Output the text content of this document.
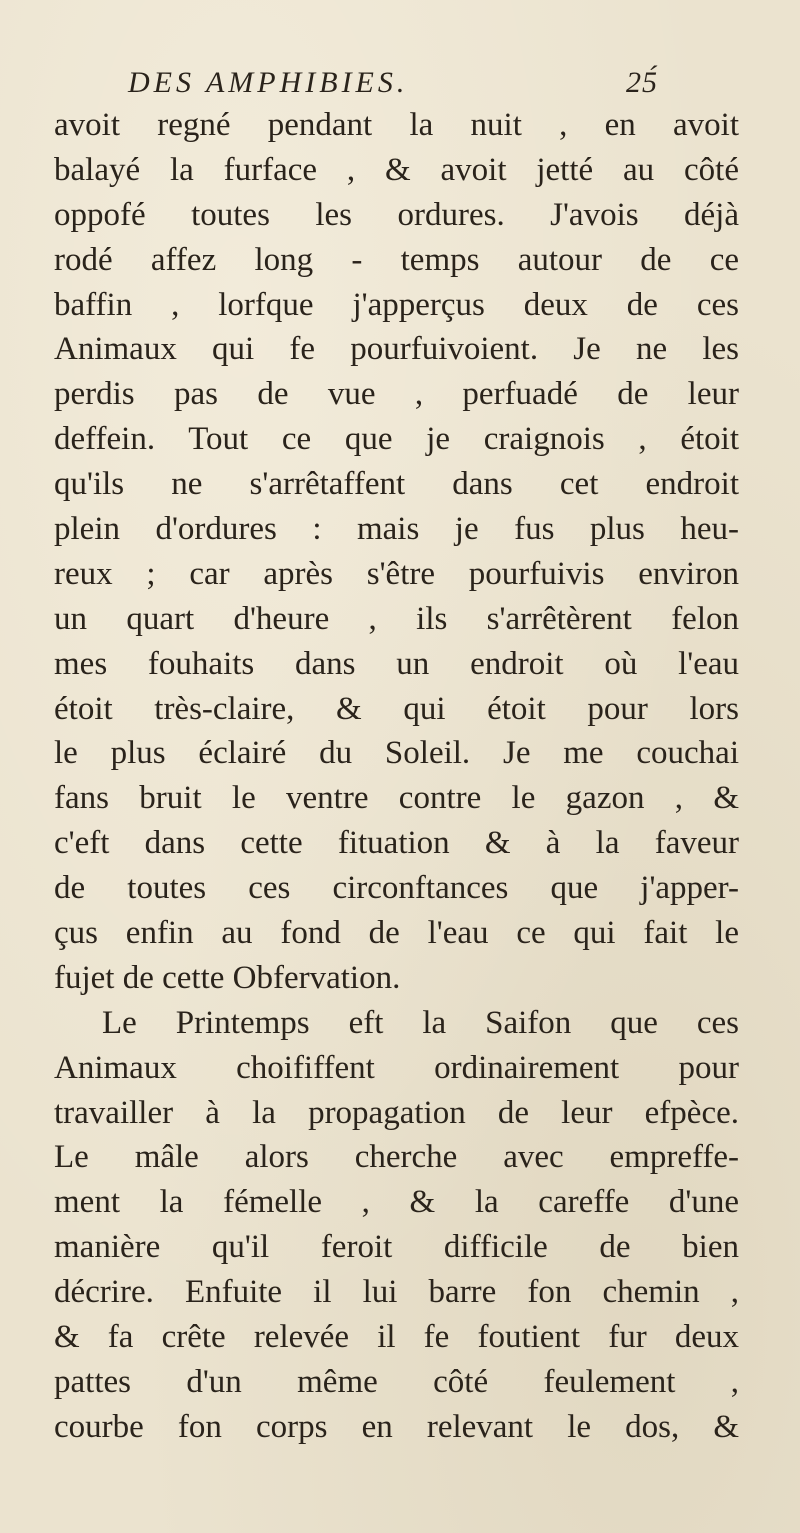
DES AMPHIBIES.	25́
avoit regné pendant la nuit , en avoit
balayé la furface , & avoit jetté au côté
oppofé toutes les ordures. J'avois déjà
rodé affez long - temps autour de ce
baffin , lorfque j'apperçus deux de ces
Animaux qui fe pourfuivoient. Je ne les
perdis pas de vue , perfuadé de leur
deffein. Tout ce que je craignois , étoit
qu'ils ne s'arrêtaffent dans cet endroit
plein d'ordures : mais je fus plus heu-
reux ; car après s'être pourfuivis environ
un quart d'heure , ils s'arrêtèrent felon
mes fouhaits dans un endroit où l'eau
étoit très-claire, & qui étoit pour lors
le plus éclairé du Soleil. Je me couchai
fans bruit le ventre contre le gazon , &
c'eft dans cette fituation & à la faveur
de toutes ces circonftances que j'apper-
çus enfin au fond de l'eau ce qui fait le
fujet de cette Obfervation.
Le Printemps eft la Saifon que ces
Animaux choififfent ordinairement pour
travailler à la propagation de leur efpèce.
Le mâle alors cherche avec empreffe-
ment la fémelle , & la careffe d'une
manière qu'il feroit difficile de bien
décrire. Enfuite il lui barre fon chemin ,
& fa crête relevée il fe foutient fur deux
pattes d'un même côté feulement ,
courbe fon corps en relevant le dos, &
